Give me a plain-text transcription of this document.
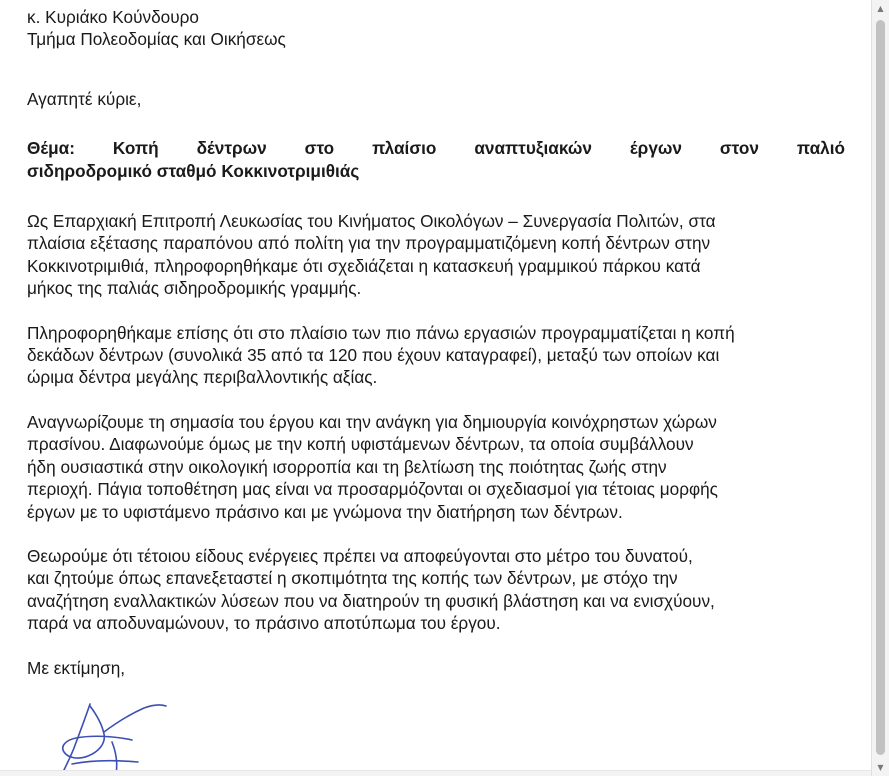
κ. Κυριάκο Κούνδουρο
Τμήμα Πολεοδομίας και Οικήσεως
Αγαπητέ κύριε,
Θέμα: Κοπή δέντρων στο πλαίσιο αναπτυξιακών έργων στον παλιό
σιδηροδρομικό σταθμό Κοκκινοτριμιθιάς
Ως Επαρχιακή Επιτροπή Λευκωσίας του Κινήματος Οικολόγων – Συνεργασία Πολιτών, στα
πλαίσια εξέτασης παραπόνου από πολίτη για την προγραμματιζόμενη κοπή δέντρων στην
Κοκκινοτριμιθιά, πληροφορηθήκαμε ότι σχεδιάζεται η κατασκευή γραμμικού πάρκου κατά
μήκος της παλιάς σιδηροδρομικής γραμμής.
Πληροφορηθήκαμε επίσης ότι στο πλαίσιο των πιο πάνω εργασιών προγραμματίζεται η κοπή
δεκάδων δέντρων (συνολικά 35 από τα 120 που έχουν καταγραφεί), μεταξύ των οποίων και
ώριμα δέντρα μεγάλης περιβαλλοντικής αξίας.
Αναγνωρίζουμε τη σημασία του έργου και την ανάγκη για δημιουργία κοινόχρηστων χώρων
πρασίνου. Διαφωνούμε όμως με την κοπή υφιστάμενων δέντρων, τα οποία συμβάλλουν
ήδη ουσιαστικά στην οικολογική ισορροπία και τη βελτίωση της ποιότητας ζωής στην
περιοχή. Πάγια τοποθέτηση μας είναι να προσαρμόζονται οι σχεδιασμοί για τέτοιας μορφής
έργων με το υφιστάμενο πράσινο και με γνώμονα την διατήρηση των δέντρων.
Θεωρούμε ότι τέτοιου είδους ενέργειες πρέπει να αποφεύγονται στο μέτρο του δυνατού,
και ζητούμε όπως επανεξεταστεί η σκοπιμότητα της κοπής των δέντρων, με στόχο την
αναζήτηση εναλλακτικών λύσεων που να διατηρούν τη φυσική βλάστηση και να ενισχύουν,
παρά να αποδυναμώνουν, το πράσινο αποτύπωμα του έργου.
Με εκτίμηση,
▲
▼
